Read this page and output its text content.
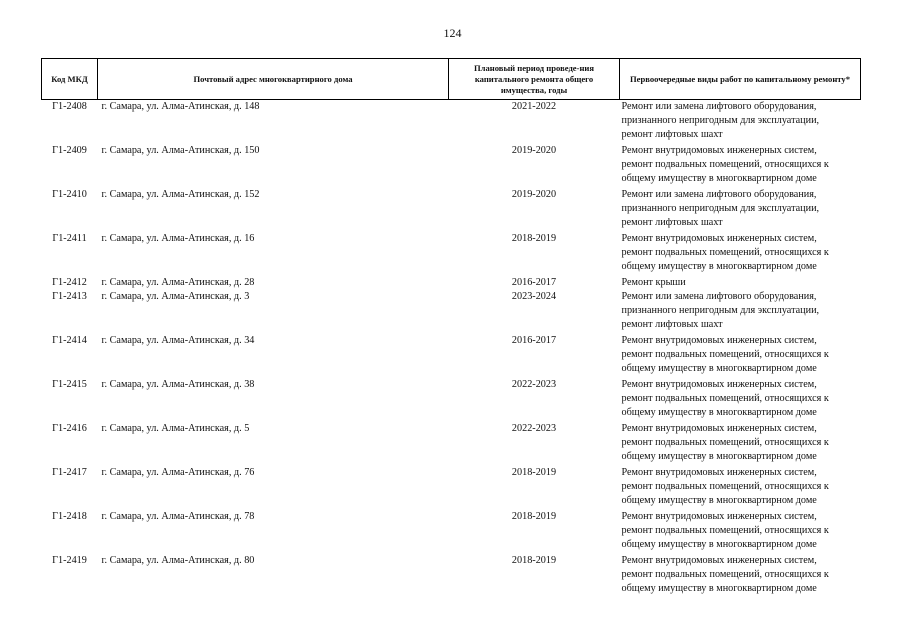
124
Код МКД	Почтовый адрес многоквартирного дома	Плановый период проведе-ния капитального ремонта общего имущества, годы	Первоочередные виды работ по капитальному ремонту*
Г1-2408	г. Самара, ул. Алма-Атинская, д. 148	2021-2022	Ремонт или замена лифтового оборудования,
признанного непригодным для эксплуатации,
ремонт лифтовых шахт

Г1-2409	г. Самара, ул. Алма-Атинская, д. 150	2019-2020	Ремонт внутридомовых инженерных систем,
ремонт подвальных помещений, относящихся к
общему имуществу в многоквартирном доме

Г1-2410	г. Самара, ул. Алма-Атинская, д. 152	2019-2020	Ремонт или замена лифтового оборудования,
признанного непригодным для эксплуатации,
ремонт лифтовых шахт

Г1-2411	г. Самара, ул. Алма-Атинская, д. 16	2018-2019	Ремонт внутридомовых инженерных систем,
ремонт подвальных помещений, относящихся к
общему имуществу в многоквартирном доме

Г1-2412	г. Самара, ул. Алма-Атинская, д. 28	2016-2017	Ремонт крыши

Г1-2413	г. Самара, ул. Алма-Атинская, д. 3	2023-2024	Ремонт или замена лифтового оборудования,
признанного непригодным для эксплуатации,
ремонт лифтовых шахт

Г1-2414	г. Самара, ул. Алма-Атинская, д. 34	2016-2017	Ремонт внутридомовых инженерных систем,
ремонт подвальных помещений, относящихся к
общему имуществу в многоквартирном доме

Г1-2415	г. Самара, ул. Алма-Атинская, д. 38	2022-2023	Ремонт внутридомовых инженерных систем,
ремонт подвальных помещений, относящихся к
общему имуществу в многоквартирном доме

Г1-2416	г. Самара, ул. Алма-Атинская, д. 5	2022-2023	Ремонт внутридомовых инженерных систем,
ремонт подвальных помещений, относящихся к
общему имуществу в многоквартирном доме

Г1-2417	г. Самара, ул. Алма-Атинская, д. 76	2018-2019	Ремонт внутридомовых инженерных систем,
ремонт подвальных помещений, относящихся к
общему имуществу в многоквартирном доме

Г1-2418	г. Самара, ул. Алма-Атинская, д. 78	2018-2019	Ремонт внутридомовых инженерных систем,
ремонт подвальных помещений, относящихся к
общему имуществу в многоквартирном доме

Г1-2419	г. Самара, ул. Алма-Атинская, д. 80	2018-2019	Ремонт внутридомовых инженерных систем,
ремонт подвальных помещений, относящихся к
общему имуществу в многоквартирном доме
